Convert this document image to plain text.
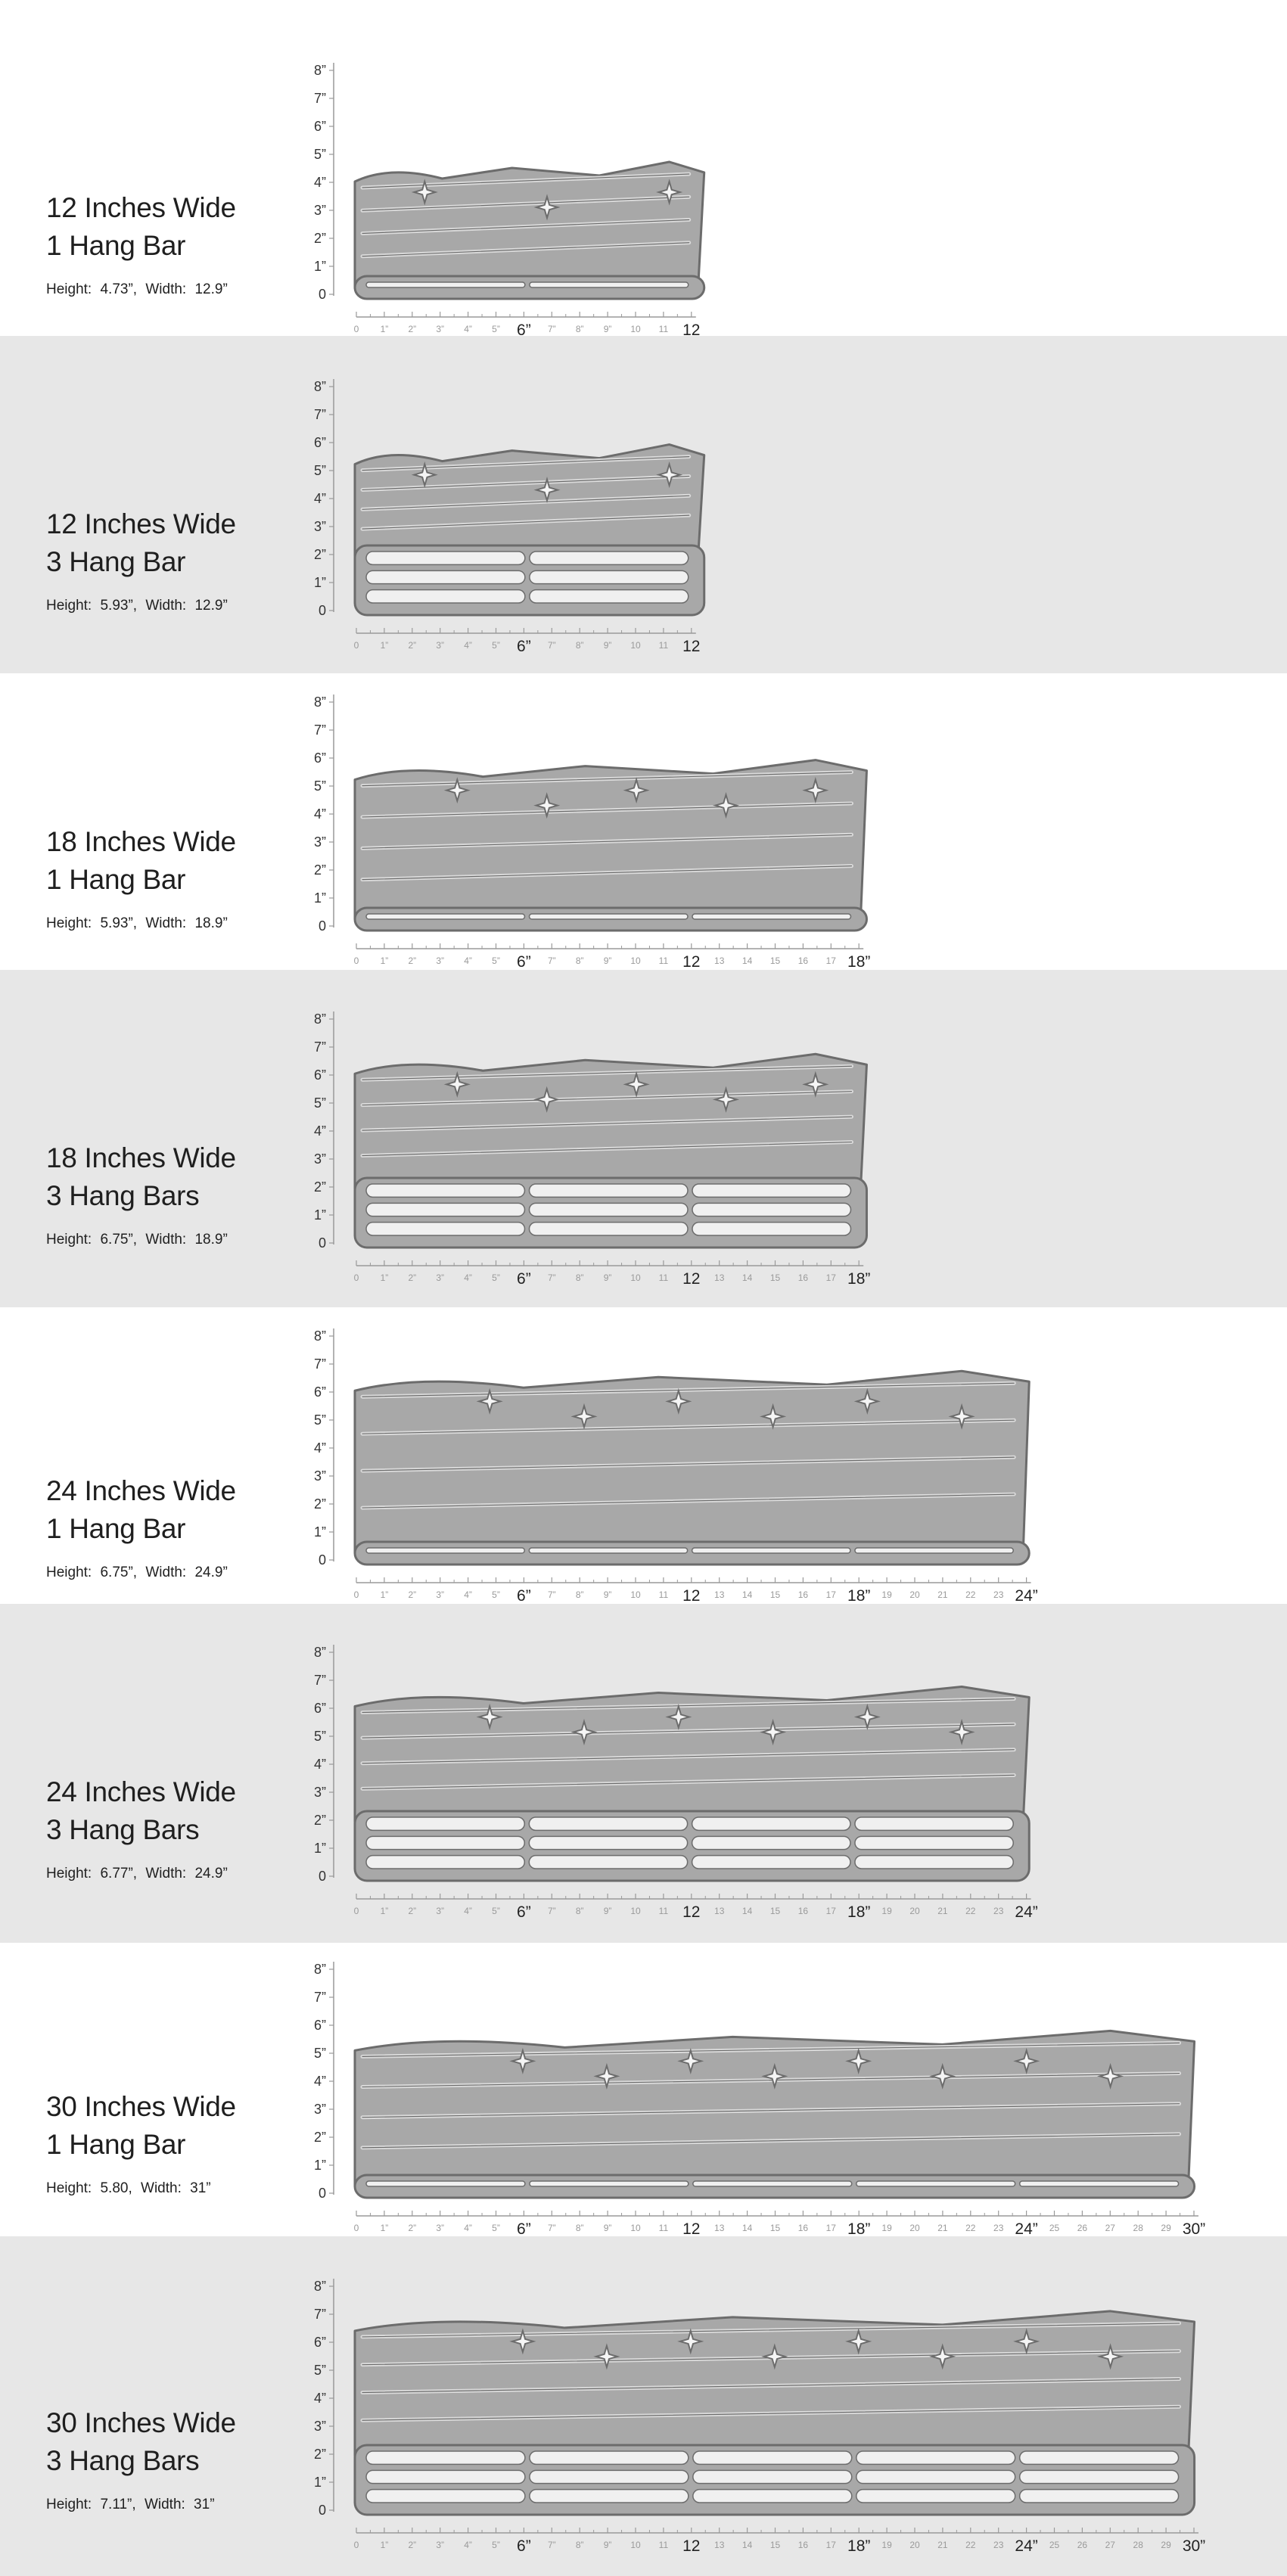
12 Inches Wide
1 Hang Bar
Height: 4.73”, Width: 12.9”
12 Inches Wide
3 Hang Bar
Height: 5.93”, Width: 12.9”
18 Inches Wide
1 Hang Bar
Height: 5.93”, Width: 18.9”
18 Inches Wide
3 Hang Bars
Height: 6.75”, Width: 18.9”
24 Inches Wide
1 Hang Bar
Height: 6.75”, Width: 24.9”
24 Inches Wide
3 Hang Bars
Height: 6.77”, Width: 24.9”
30 Inches Wide
1 Hang Bar
Height: 5.80, Width: 31”
30 Inches Wide
3 Hang Bars
Height: 7.11”, Width: 31”
0
1”
2”
3”
4”
5”
6”
7”
8”
0 1” 2” 3” 4” 5”	7” 8” 9” 10 11
6”	12
0
1”
2”
3”
4”
5”
6”
7”
8”
0 1” 2” 3” 4” 5”	7” 8” 9” 10 11
6”	12
0
1”
2”
3”
4”
5”
6”
7”
8”
0 1” 2” 3” 4” 5”	7” 8” 9” 10 11	13 14 15 16 17
6”	12	18”
0
1”
2”
3”
4”
5”
6”
7”
8”
0 1” 2” 3” 4” 5”	7” 8” 9” 10 11	13 14 15 16 17
6”	12	18”
0
1”
2”
3”
4”
5”
6”
7”
8”
0 1” 2” 3” 4” 5”	7” 8” 9” 10 11	13 14 15 16 17	19 20 21 22 23
6”	12	18”	24”
0
1”
2”
3”
4”
5”
6”
7”
8”
0 1” 2” 3” 4” 5”	7” 8” 9” 10 11	13 14 15 16 17	19 20 21 22 23
6”	12	18”	24”
0
1”
2”
3”
4”
5”
6”
7”
8”
0 1” 2” 3” 4” 5”	7” 8” 9” 10 11	13 14 15 16 17	19 20 21 22 23	25 26 27 28 29
6”	12	18”	24”	30”
0
1”
2”
3”
4”
5”
6”
7”
8”
0 1” 2” 3” 4” 5”	7” 8” 9” 10 11	13 14 15 16 17	19 20 21 22 23	25 26 27 28 29
6”	12	18”	24”	30”
